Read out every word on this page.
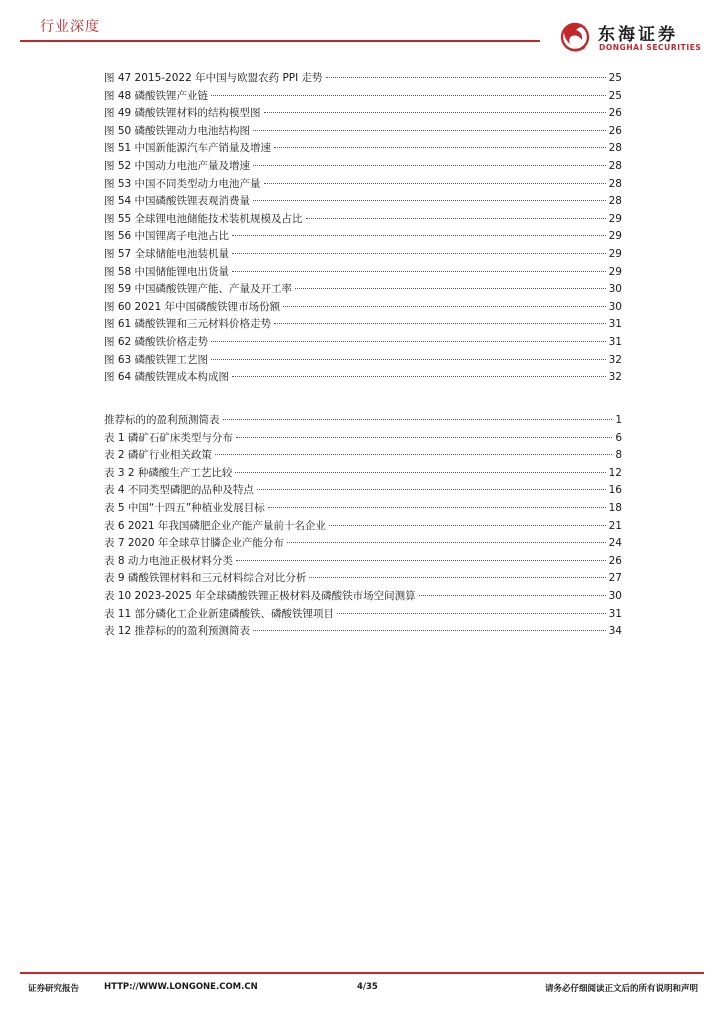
行业深度	东海证券
DONGHAI SECURITIES
图 47 2015-2022 年中国与欧盟农药 PPI 走势	25
图 48 磷酸铁锂产业链	25
图 49 磷酸铁锂材料的结构模型图	26
图 50 磷酸铁锂动力电池结构图	26
图 51 中国新能源汽车产销量及增速	28
图 52 中国动力电池产量及增速	28
图 53 中国不同类型动力电池产量	28
图 54 中国磷酸铁锂表观消费量	28
图 55 全球锂电池储能技术装机规模及占比	29
图 56 中国锂离子电池占比	29
图 57 全球储能电池装机量	29
图 58 中国储能锂电出货量	29
图 59 中国磷酸铁锂产能、产量及开工率	30
图 60 2021 年中国磷酸铁锂市场份额	30
图 61 磷酸铁锂和三元材料价格走势	31
图 62 磷酸铁价格走势	31
图 63 磷酸铁锂工艺图	32
图 64 磷酸铁锂成本构成图	32
推荐标的的盈利预测简表	1
表 1 磷矿石矿床类型与分布	6
表 2 磷矿行业相关政策	8
表 3 2 种磷酸生产工艺比较	12
表 4 不同类型磷肥的品种及特点	16
表 5 中国“十四五”种植业发展目标	18
表 6 2021 年我国磷肥企业产能产量前十名企业	21
表 7 2020 年全球草甘膦企业产能分布	24
表 8 动力电池正极材料分类	26
表 9 磷酸铁锂材料和三元材料综合对比分析	27
表 10 2023-2025 年全球磷酸铁锂正极材料及磷酸铁市场空间测算	30
表 11 部分磷化工企业新建磷酸铁、磷酸铁锂项目	31
表 12 推荐标的的盈利预测简表	34
证券研究报告	HTTP://WWW.LONGONE.COM.CN	4/35	请务必仔细阅读正文后的所有说明和声明
